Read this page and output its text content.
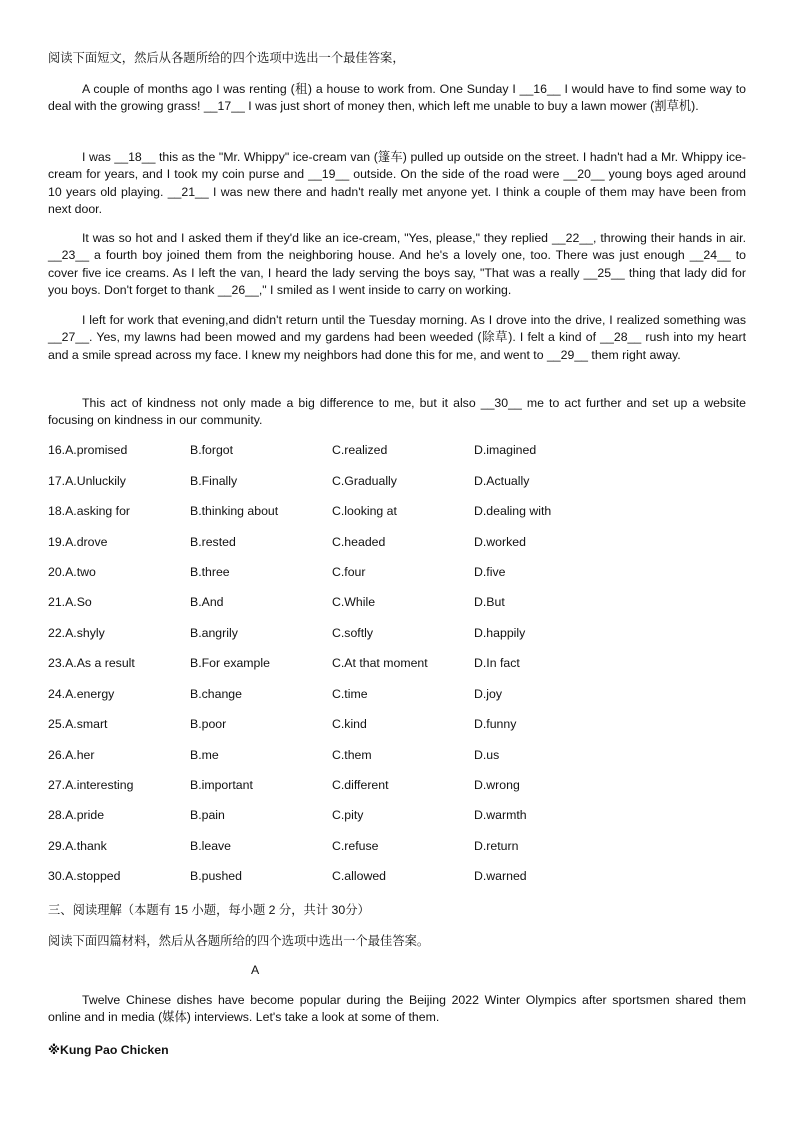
阅读下面短文，然后从各题所给的四个选项中选出一个最佳答案，

A couple of months ago I was renting (租) a house to work from. One Sunday I __16__ I would have to find some way to deal with the growing grass! __17__ I was just short of money then, which left me unable to buy a lawn mower (割草机).

I was __18__ this as the "Mr. Whippy" ice-cream van (篷车) pulled up outside on the street. I hadn't had a Mr. Whippy ice-cream for years, and I took my coin purse and __19__ outside. On the side of the road were __20__ young boys aged around 10 years old playing. __21__ I was new there and hadn't really met anyone yet. I think a couple of them may have been from next door.

It was so hot and I asked them if they'd like an ice-cream, "Yes, please," they replied __22__, throwing their hands in air. __23__ a fourth boy joined them from the neighboring house. And he's a lovely one, too. There was just enough __24__ to cover five ice creams. As I left the van, I heard the lady serving the boys say, "That was a really __25__ thing that lady did for you boys. Don't forget to thank __26__," I smiled as I went inside to carry on working.

I left for work that evening,and didn't return until the Tuesday morning. As I drove into the drive, I realized something was __27__. Yes, my lawns had been mowed and my gardens had been weeded (除草). I felt a kind of __28__ rush into my heart and a smile spread across my face. I knew my neighbors had done this for me, and went to __29__ them right away.

This act of kindness not only made a big difference to me, but it also __30__ me to act further and set up a website focusing on kindness in our community.

16.A.promised	B.forgot	C.realized	D.imagined
17.A.Unluckily	B.Finally	C.Gradually	D.Actually
18.A.asking for	B.thinking about	C.looking at	D.dealing with
19.A.drove	B.rested	C.headed	D.worked
20.A.two	B.three	C.four	D.five
21.A.So	B.And	C.While	D.But
22.A.shyly	B.angrily	C.softly	D.happily
23.A.As a result	B.For example	C.At that moment	D.In fact
24.A.energy	B.change	C.time	D.joy
25.A.smart	B.poor	C.kind	D.funny
26.A.her	B.me	C.them	D.us
27.A.interesting	B.important	C.different	D.wrong
28.A.pride	B.pain	C.pity	D.warmth
29.A.thank	B.leave	C.refuse	D.return
30.A.stopped	B.pushed	C.allowed	D.warned
三、阅读理解（本题有 15 小题，每小题 2 分，共计 30分）
阅读下面四篇材料，然后从各题所给的四个选项中选出一个最佳答案。
A

Twelve Chinese dishes have become popular during the Beijing 2022 Winter Olympics after sportsmen shared them online and in media (媒体) interviews. Let's take a look at some of them.

※Kung Pao Chicken
